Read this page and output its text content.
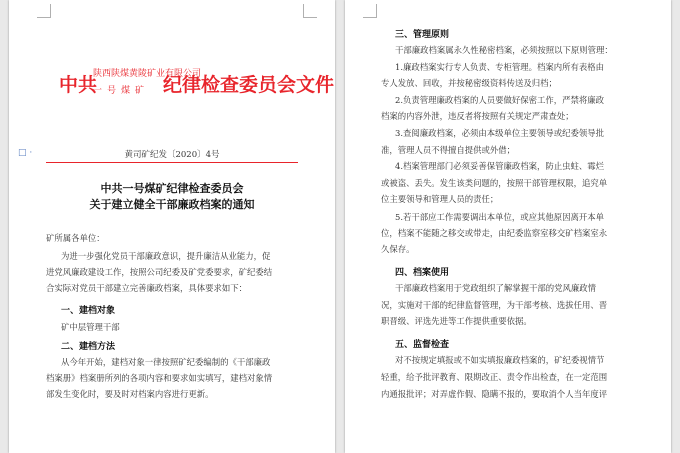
中共
陕西陕煤黄陵矿业有限公司
一号煤矿 纪律检查委员会文件
□ ·	黄司矿纪发〔2020〕4号
中共一号煤矿纪律检查委员会
关于建立健全干部廉政档案的通知
矿所属各单位：
为进一步强化党员干部廉政意识，提升廉洁从业能力，促
进党风廉政建设工作，按照公司纪委及矿党委要求，矿纪委结
合实际对党员干部建立完善廉政档案，具体要求如下：
一、建档对象
矿中层管理干部
二、建档方法
从今年开始，建档对象一律按照矿纪委编制的《干部廉政
档案册》档案册所列的各项内容和要求如实填写，建档对象情
部发生变化时，要及时对档案内容进行更新。
三、管理原则
干部廉政档案属永久性秘密档案，必须按照以下原则管理：
1.廉政档案实行专人负责、专柜管理。档案内所有表格由
专人发放、回收，并按秘密级资料传送及归档；
2.负责管理廉政档案的人员要做好保密工作，严禁将廉政
档案的内容外泄，违反者将按照有关规定严肃查处；
3.查阅廉政档案，必须由本级单位主要领导或纪委领导批
准，管理人员不得擅自提供或外借；
4.档案管理部门必须妥善保管廉政档案，防止虫蛀、霉烂
或被盗、丢失。发生该类问题的，按照干部管理权限，追究单
位主要领导和管理人员的责任；
5.若干部应工作需要调出本单位，或应其他原因离开本单
位，档案不能随之移交或带走，由纪委监察室移交矿档案室永
久保存。
四、档案使用
干部廉政档案用于党政组织了解掌握干部的党风廉政情
况，实施对干部的纪律监督管理，为干部考核、选拔任用、晋
职晋级、评选先进等工作提供重要依据。
五、监督检查
对不按规定填报或不如实填报廉政档案的，矿纪委视情节
轻重，给予批评教育、限期改正、责令作出检查，在一定范围
内通报批评；对弄虚作假、隐瞒不报的，要取消个人当年度评
